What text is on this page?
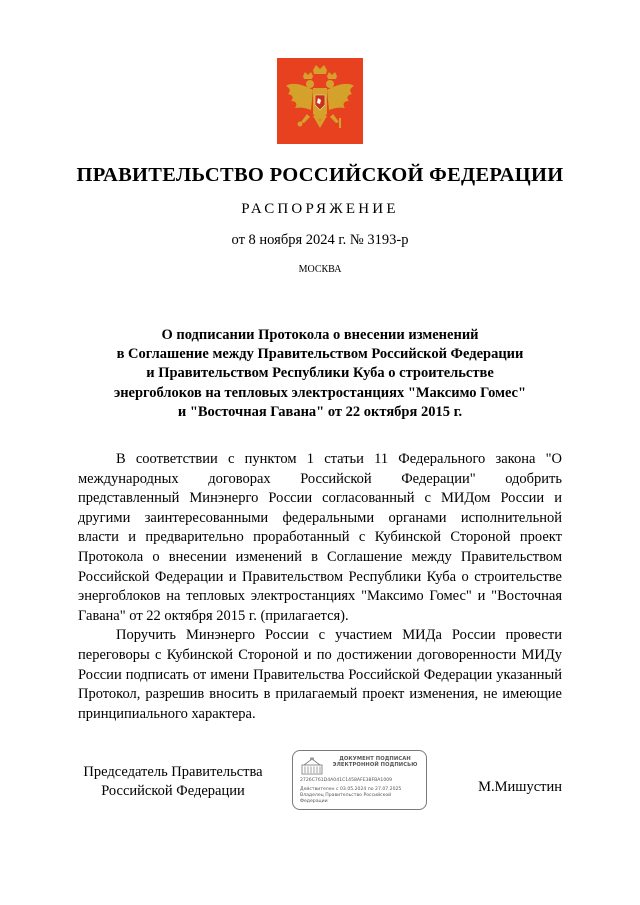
ПРАВИТЕЛЬСТВО РОССИЙСКОЙ ФЕДЕРАЦИИ
РАСПОРЯЖЕНИЕ
от 8 ноября 2024 г. № 3193-р
МОСКВА
О подписании Протокола о внесении изменений
в Соглашение между Правительством Российской Федерации
и Правительством Республики Куба о строительстве
энергоблоков на тепловых электростанциях "Максимо Гомес"
и "Восточная Гавана" от 22 октября 2015 г.

В соответствии с пунктом 1 статьи 11 Федерального закона "О международных договорах Российской Федерации" одобрить представленный Минэнерго России согласованный с МИДом России и другими заинтересованными федеральными органами исполнительной власти и предварительно проработанный с Кубинской Стороной проект Протокола о внесении изменений в Соглашение между Правительством Российской Федерации и Правительством Республики Куба о строительстве энергоблоков на тепловых электростанциях "Максимо Гомес" и "Восточная Гавана" от 22 октября 2015 г. (прилагается).

Поручить Минэнерго России с участием МИДа России провести переговоры с Кубинской Стороной и по достижении договоренности МИДу России подписать от имени Правительства Российской Федерации указанный Протокол, разрешив вносить в прилагаемый проект изменения, не имеющие принципиального характера.

Председатель Правительства
Российской Федерации
ДОКУМЕНТ ПОДПИСАН
ЭЛЕКТРОННОЙ ПОДПИСЬЮ
2726C761D4A041C1458AFE38FBA1009
Действителен с 03.05.2024 по 27.07.2025
Владелец Правительство Российской
Федерации
М.Мишустин
